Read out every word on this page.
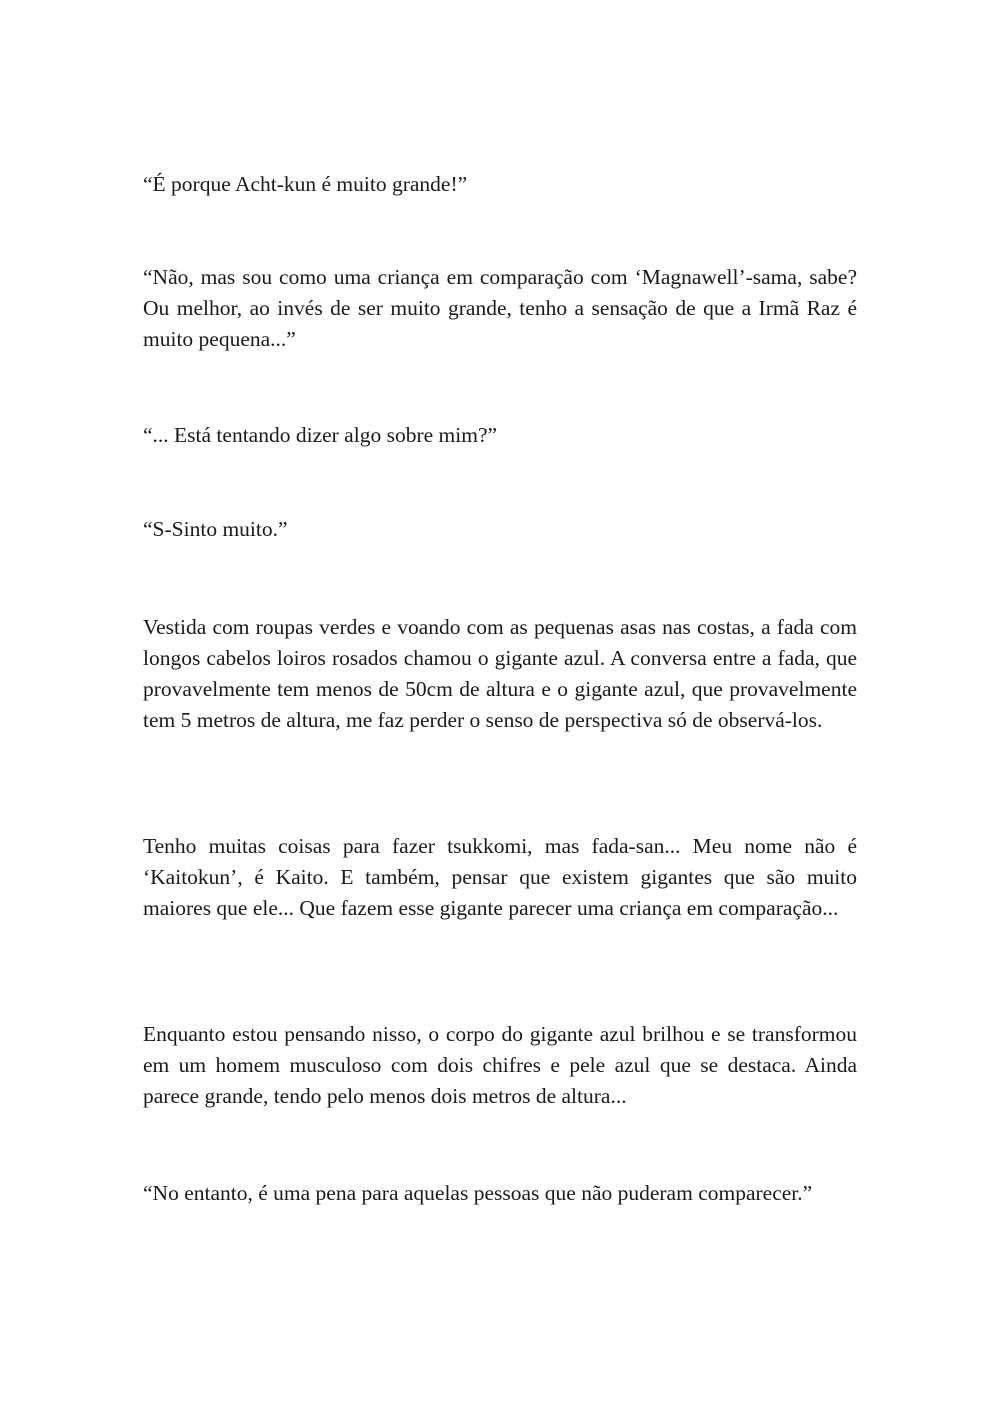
“É porque Acht-kun é muito grande!”

“Não, mas sou como uma criança em comparação com ‘Magnawell’-sama, sabe? Ou melhor, ao invés de ser muito grande, tenho a sensação de que a Irmã Raz é muito pequena...”

“... Está tentando dizer algo sobre mim?”

“S-Sinto muito.”

Vestida com roupas verdes e voando com as pequenas asas nas costas, a fada com longos cabelos loiros rosados chamou o gigante azul. A conversa entre a fada, que provavelmente tem menos de 50cm de altura e o gigante azul, que provavelmente tem 5 metros de altura, me faz perder o senso de perspectiva só de observá-los.

Tenho muitas coisas para fazer tsukkomi, mas fada-san... Meu nome não é ‘Kaitokun’, é Kaito. E também, pensar que existem gigantes que são muito maiores que ele... Que fazem esse gigante parecer uma criança em comparação...

Enquanto estou pensando nisso, o corpo do gigante azul brilhou e se transformou em um homem musculoso com dois chifres e pele azul que se destaca. Ainda parece grande, tendo pelo menos dois metros de altura...

“No entanto, é uma pena para aquelas pessoas que não puderam comparecer.”
